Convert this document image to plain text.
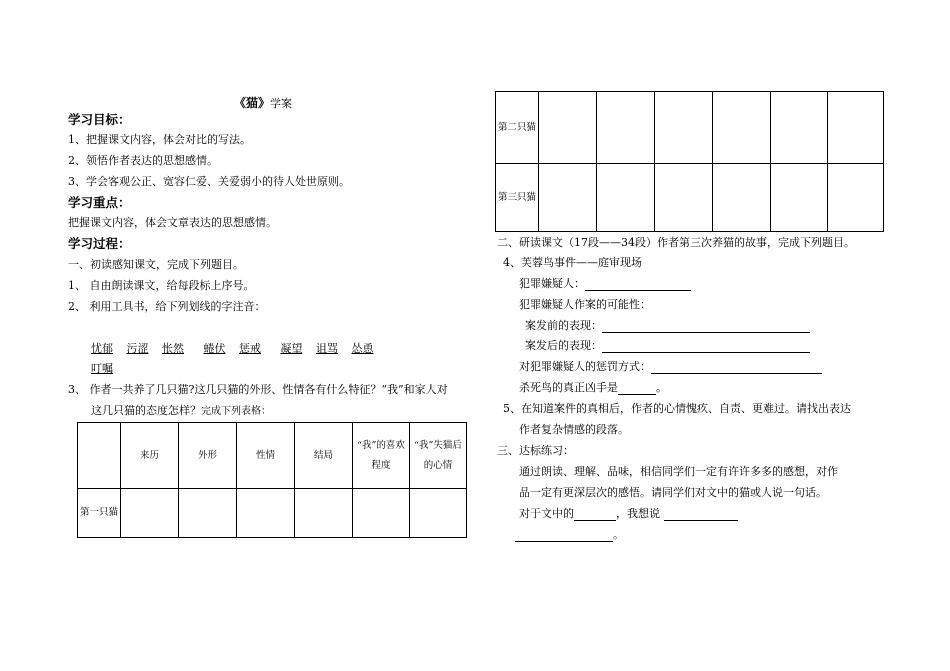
《猫》学案
学习目标：
1、把握课文内容，体会对比的写法。
2、领悟作者表达的思想感情。
3、学会客观公正、宽容仁爱、关爱弱小的待人处世原则。
学习重点：
把握课文内容，体会文章表达的思想感情。
学习过程：
一、初读感知课文，完成下列题目。
1、 自由朗读课文，给每段标上序号。
2、 利用工具书，给下列划线的字注音：
忧郁 污涩 怅然 蜷伏 惩戒 凝望 诅骂 怂恿
叮嘱
3、 作者一共养了几只猫?这几只猫的外形、性情各有什么特征？“我”和家人对
这几只猫的态度怎样？完成下列表格：
	来历	外形	性情	结局	“我”的喜欢程度	“我”失猫后的心情
第一只猫						
第二只猫						
第三只猫						
二、研读课文（17段——34段）作者第三次养猫的故事，完成下列题目。
4、芙蓉鸟事件——庭审现场
犯罪嫌疑人：
犯罪嫌疑人作案的可能性：
案发前的表现：
案发后的表现：
对犯罪嫌疑人的惩罚方式：
杀死鸟的真正凶手是	。
5、在知道案件的真相后，作者的心情愧疚、自责、更难过。请找出表达
作者复杂情感的段落。
三、达标练习：
通过朗读、理解、品味，相信同学们一定有许许多多的感想，对作
品一定有更深层次的感悟。请同学们对文中的猫或人说一句话。
对于文中的	，我想说
。
